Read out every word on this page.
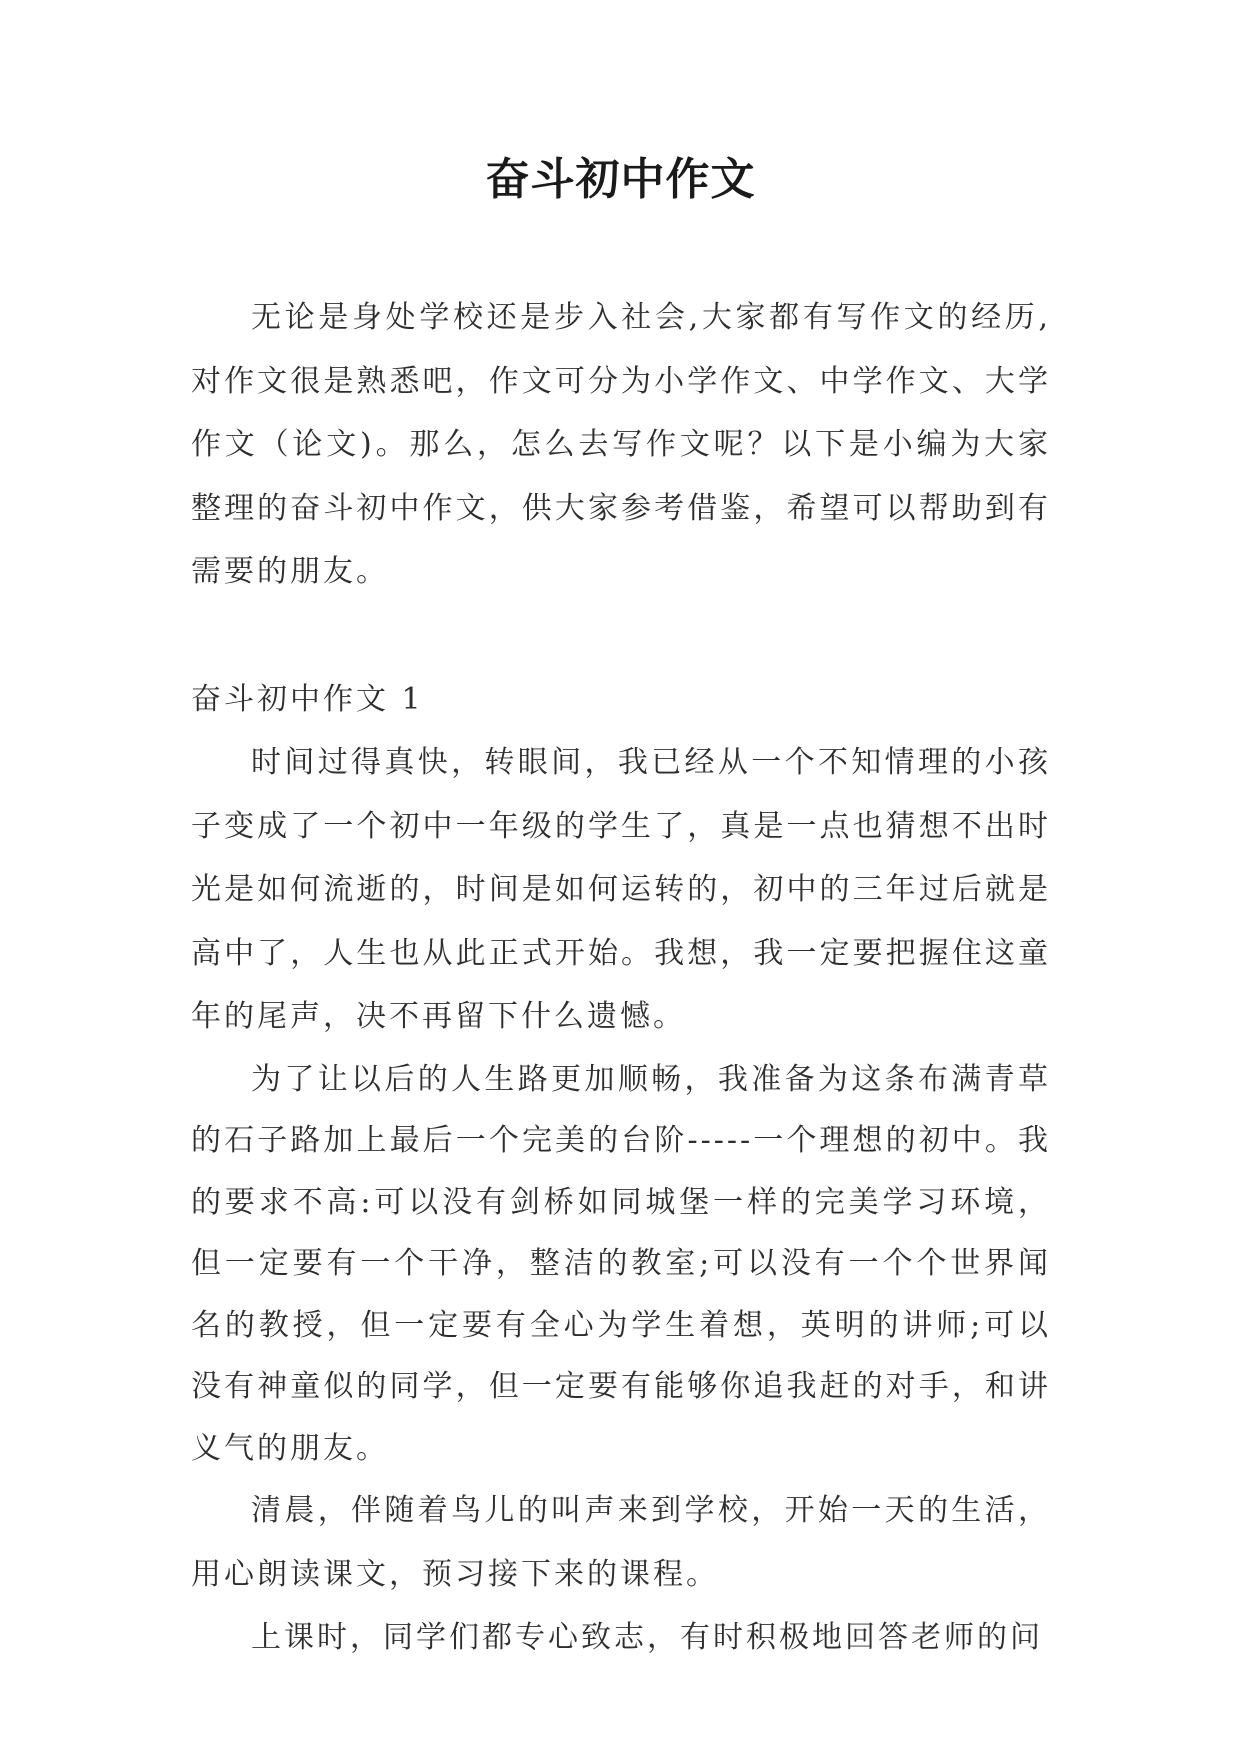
奋斗初中作文

无论是身处学校还是步入社会,大家都有写作文的经历,对作文很是熟悉吧，作文可分为小学作文、中学作文、大学作文（论文)。那么，怎么去写作文呢？以下是小编为大家整理的奋斗初中作文，供大家参考借鉴，希望可以帮助到有需要的朋友。

奋斗初中作文 1

时间过得真快，转眼间，我已经从一个不知情理的小孩子变成了一个初中一年级的学生了，真是一点也猜想不出时光是如何流逝的，时间是如何运转的，初中的三年过后就是高中了，人生也从此正式开始。我想，我一定要把握住这童年的尾声，决不再留下什么遗憾。

为了让以后的人生路更加顺畅，我准备为这条布满青草的石子路加上最后一个完美的台阶-----一个理想的初中。我的要求不高:可以没有剑桥如同城堡一样的完美学习环境，但一定要有一个干净，整洁的教室;可以没有一个个世界闻名的教授，但一定要有全心为学生着想，英明的讲师;可以没有神童似的同学，但一定要有能够你追我赶的对手，和讲义气的朋友。

清晨，伴随着鸟儿的叫声来到学校，开始一天的生活，用心朗读课文，预习接下来的课程。

上课时，同学们都专心致志，有时积极地回答老师的问
